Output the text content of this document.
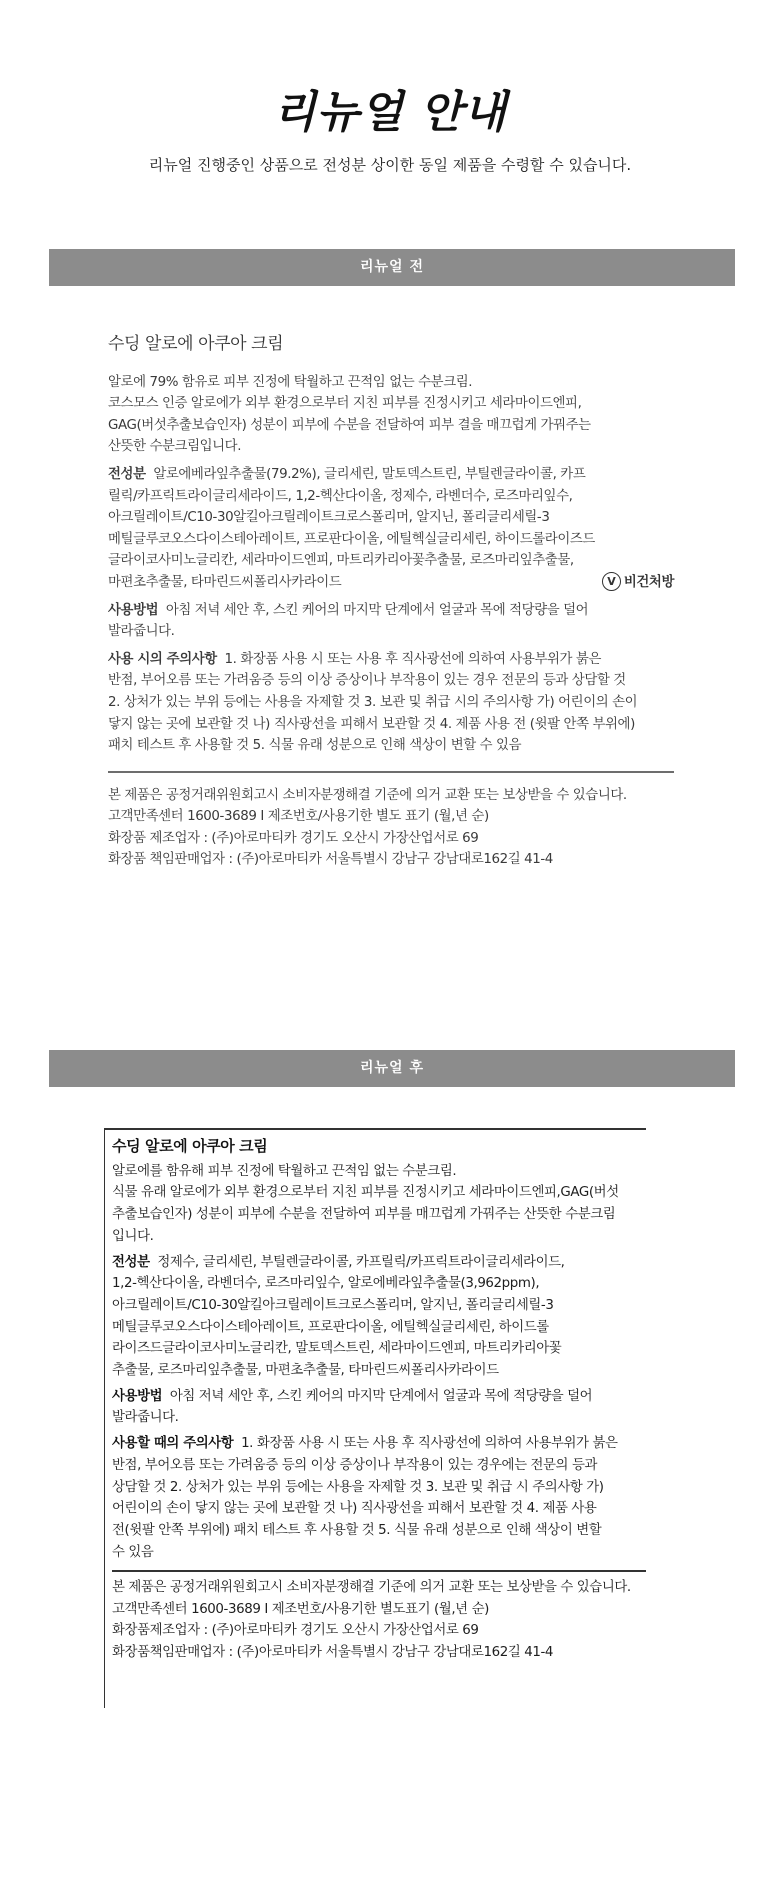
리뉴얼 안내
리뉴얼 진행중인 상품으로 전성분 상이한 동일 제품을 수령할 수 있습니다.
리뉴얼 전
수딩 알로에 아쿠아 크림
알로에 79% 함유로 피부 진정에 탁월하고 끈적임 없는 수분크림.
코스모스 인증 알로에가 외부 환경으로부터 지친 피부를 진정시키고 세라마이드엔피,
GAG(버섯추출보습인자) 성분이 피부에 수분을 전달하여 피부 결을 매끄럽게 가꿔주는
산뜻한 수분크림입니다.
전성분 알로에베라잎추출물(79.2%), 글리세린, 말토덱스트린, 부틸렌글라이콜, 카프
릴릭/카프릭트라이글리세라이드, 1,2-헥산다이올, 정제수, 라벤더수, 로즈마리잎수,
아크릴레이트/C10-30알킬아크릴레이트크로스폴리머, 알지닌, 폴리글리세릴-3
메틸글루코오스다이스테아레이트, 프로판다이올, 에틸헥실글리세린, 하이드롤라이즈드
글라이코사미노글리칸, 세라마이드엔피, 마트리카리아꽃추출물, 로즈마리잎추출물,
마편초추출물, 타마린드씨폴리사카라이드	V 비건처방
사용방법 아침 저녁 세안 후, 스킨 케어의 마지막 단계에서 얼굴과 목에 적당량을 덜어
발라줍니다.
사용 시의 주의사항 1. 화장품 사용 시 또는 사용 후 직사광선에 의하여 사용부위가 붉은
반점, 부어오름 또는 가려움증 등의 이상 증상이나 부작용이 있는 경우 전문의 등과 상담할 것
2. 상처가 있는 부위 등에는 사용을 자제할 것 3. 보관 및 취급 시의 주의사항 가) 어린이의 손이
닿지 않는 곳에 보관할 것 나) 직사광선을 피해서 보관할 것 4. 제품 사용 전 (윗팔 안쪽 부위에)
패치 테스트 후 사용할 것 5. 식물 유래 성분으로 인해 색상이 변할 수 있음
본 제품은 공정거래위원회고시 소비자분쟁해결 기준에 의거 교환 또는 보상받을 수 있습니다.
고객만족센터 1600-3689 I 제조번호/사용기한 별도 표기 (월,년 순)
화장품 제조업자 : (주)아로마티카 경기도 오산시 가장산업서로 69
화장품 책임판매업자 : (주)아로마티카 서울특별시 강남구 강남대로162길 41-4
리뉴얼 후
수딩 알로에 아쿠아 크림
알로에를 함유해 피부 진정에 탁월하고 끈적임 없는 수분크림.
식물 유래 알로에가 외부 환경으로부터 지친 피부를 진정시키고 세라마이드엔피,GAG(버섯
추출보습인자) 성분이 피부에 수분을 전달하여 피부를 매끄럽게 가꿔주는 산뜻한 수분크림
입니다.
전성분 정제수, 글리세린, 부틸렌글라이콜, 카프릴릭/카프릭트라이글리세라이드,
1,2-헥산다이올, 라벤더수, 로즈마리잎수, 알로에베라잎추출물(3,962ppm),
아크릴레이트/C10-30알킬아크릴레이트크로스폴리머, 알지닌, 폴리글리세릴-3
메틸글루코오스다이스테아레이트, 프로판다이올, 에틸헥실글리세린, 하이드롤
라이즈드글라이코사미노글리칸, 말토덱스트린, 세라마이드엔피, 마트리카리아꽃
추출물, 로즈마리잎추출물, 마편초추출물, 타마린드씨폴리사카라이드
사용방법 아침 저녁 세안 후, 스킨 케어의 마지막 단계에서 얼굴과 목에 적당량을 덜어
발라줍니다.
사용할 때의 주의사항 1. 화장품 사용 시 또는 사용 후 직사광선에 의하여 사용부위가 붉은
반점, 부어오름 또는 가려움증 등의 이상 증상이나 부작용이 있는 경우에는 전문의 등과
상담할 것 2. 상처가 있는 부위 등에는 사용을 자제할 것 3. 보관 및 취급 시 주의사항 가)
어린이의 손이 닿지 않는 곳에 보관할 것 나) 직사광선을 피해서 보관할 것 4. 제품 사용
전(윗팔 안쪽 부위에) 패치 테스트 후 사용할 것 5. 식물 유래 성분으로 인해 색상이 변할
수 있음
본 제품은 공정거래위원회고시 소비자분쟁해결 기준에 의거 교환 또는 보상받을 수 있습니다.
고객만족센터 1600-3689 I 제조번호/사용기한 별도표기 (월,년 순)
화장품제조업자 : (주)아로마티카 경기도 오산시 가장산업서로 69
화장품책임판매업자 : (주)아로마티카 서울특별시 강남구 강남대로162길 41-4
